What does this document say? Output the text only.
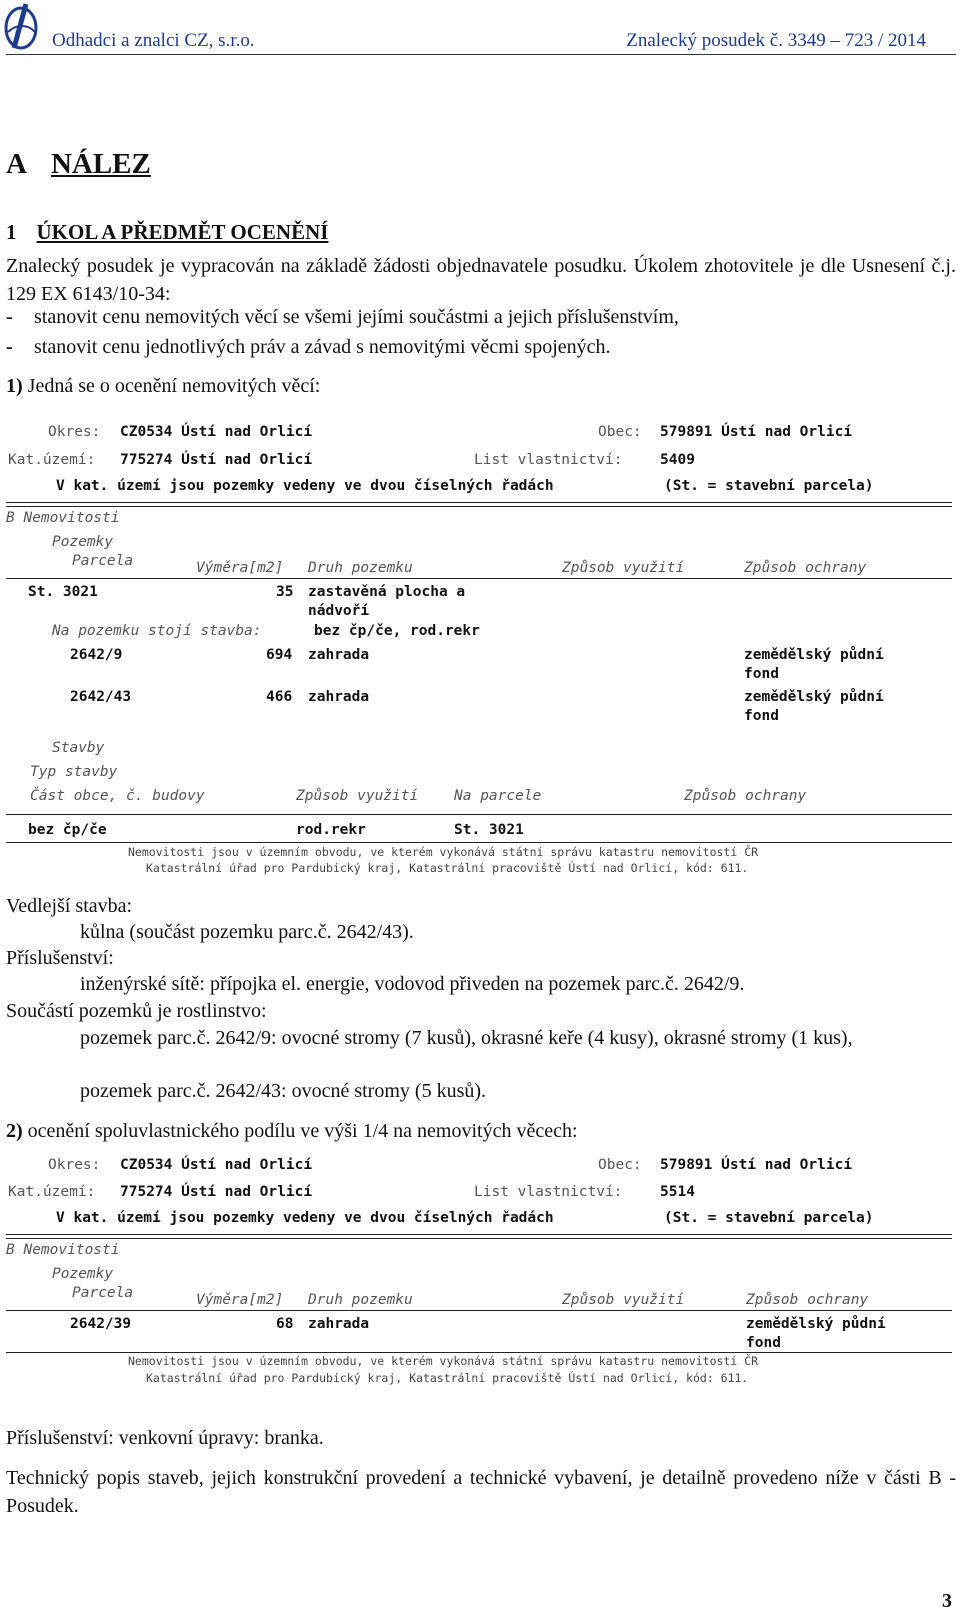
Odhadci a znalci CZ, s.r.o.	Znalecký posudek č. 3349 – 723 / 2014
A NÁLEZ
1 ÚKOL A PŘEDMĚT OCENĚNÍ
Znalecký posudek je vypracován na základě žádosti objednavatele posudku. Úkolem zhotovitele je dle Usnesení č.j. 129 EX 6143/10-34:
- stanovit cenu nemovitých věcí se všemi jejími součástmi a jejich příslušenstvím,
- stanovit cenu jednotlivých práv a závad s nemovitými věcmi spojených.
1) Jedná se o ocenění nemovitých věcí:
Okres: CZ0534 Ústí nad Orlicí	Obec: 579891 Ústí nad Orlicí
Kat.území: 775274 Ústí nad Orlicí	List vlastnictví:	5409
V kat. území jsou pozemky vedeny ve dvou číselných řadách	(St. = stavební parcela)
B Nemovitosti
Pozemky
Parcela	Výměra[m2] Druh pozemku	Způsob využití	Způsob ochrany
St. 3021	35 zastavěná plocha a
nádvoří
Na pozemku stojí stavba:	bez čp/če, rod.rekr
2642/9	694 zahrada	zemědělský půdní
fond
2642/43	466 zahrada	zemědělský půdní
fond
Stavby
Typ stavby
Část obce, č. budovy	Způsob využití Na parcele	Způsob ochrany
bez čp/če	rod.rekr	St. 3021
Nemovitosti jsou v územním obvodu, ve kterém vykonává státní správu katastru nemovitostí ČR
Katastrální úřad pro Pardubický kraj, Katastrální pracoviště Ústí nad Orlicí, kód: 611.
Vedlejší stavba:
kůlna (součást pozemku parc.č. 2642/43).
Příslušenství:
inženýrské sítě: přípojka el. energie, vodovod přiveden na pozemek parc.č. 2642/9.
Součástí pozemků je rostlinstvo:
pozemek parc.č. 2642/9: ovocné stromy (7 kusů), okrasné keře (4 kusy), okrasné stromy (1 kus),
pozemek parc.č. 2642/43: ovocné stromy (5 kusů).
2) ocenění spoluvlastnického podílu ve výši 1/4 na nemovitých věcech:
Okres: CZ0534 Ústí nad Orlicí	Obec: 579891 Ústí nad Orlicí
Kat.území: 775274 Ústí nad Orlicí	List vlastnictví:	5514
V kat. území jsou pozemky vedeny ve dvou číselných řadách	(St. = stavební parcela)
B Nemovitosti
Pozemky
Parcela	Výměra[m2] Druh pozemku	Způsob využití	Způsob ochrany
2642/39	68 zahrada	zemědělský půdní
fond
Nemovitosti jsou v územním obvodu, ve kterém vykonává státní správu katastru nemovitostí ČR
Katastrální úřad pro Pardubický kraj, Katastrální pracoviště Ústí nad Orlicí, kód: 611.
Příslušenství: venkovní úpravy: branka.
Technický popis staveb, jejich konstrukční provedení a technické vybavení, je detailně provedeno níže v části B - Posudek.
3
